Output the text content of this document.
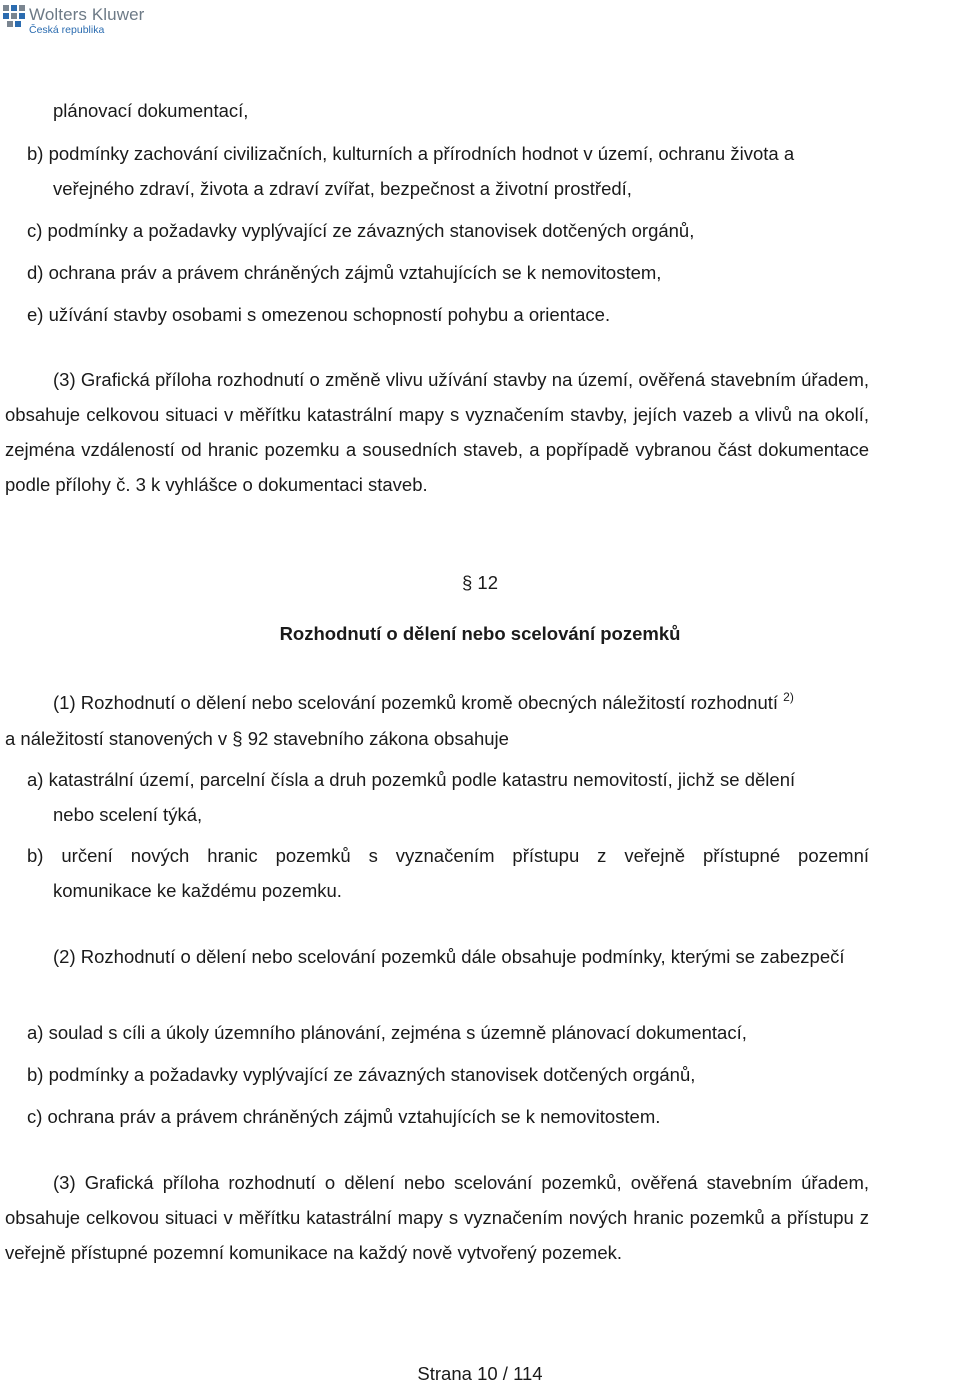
Wolters Kluwer
Česká republika
plánovací dokumentací,
b) podmínky zachování civilizačních, kulturních a přírodních hodnot v území, ochranu života a
veřejného zdraví, života a zdraví zvířat, bezpečnost a životní prostředí,
c) podmínky a požadavky vyplývající ze závazných stanovisek dotčených orgánů,
d) ochrana práv a právem chráněných zájmů vztahujících se k nemovitostem,
e) užívání stavby osobami s omezenou schopností pohybu a orientace.
(3) Grafická příloha rozhodnutí o změně vlivu užívání stavby na území, ověřená stavebním úřadem, obsahuje celkovou situaci v měřítku katastrální mapy s vyznačením stavby, jejích vazeb a vlivů na okolí, zejména vzdáleností od hranic pozemku a sousedních staveb, a popřípadě vybranou část dokumentace podle přílohy č. 3 k vyhlášce o dokumentaci staveb.
§ 12
Rozhodnutí o dělení nebo scelování pozemků
(1) Rozhodnutí o dělení nebo scelování pozemků kromě obecných náležitostí rozhodnutí $^{2)}$
a náležitostí stanovených v § 92 stavebního zákona obsahuje
a) katastrální území, parcelní čísla a druh pozemků podle katastru nemovitostí, jichž se dělení
nebo scelení týká,
b) určení nových hranic pozemků s vyznačením přístupu z veřejně přístupné pozemní
komunikace ke každému pozemku.
(2) Rozhodnutí o dělení nebo scelování pozemků dále obsahuje podmínky, kterými se zabezpečí
a) soulad s cíli a úkoly územního plánování, zejména s územně plánovací dokumentací,
b) podmínky a požadavky vyplývající ze závazných stanovisek dotčených orgánů,
c) ochrana práv a právem chráněných zájmů vztahujících se k nemovitostem.
(3) Grafická příloha rozhodnutí o dělení nebo scelování pozemků, ověřená stavebním úřadem, obsahuje celkovou situaci v měřítku katastrální mapy s vyznačením nových hranic pozemků a přístupu z veřejně přístupné pozemní komunikace na každý nově vytvořený pozemek.
Strana 10 / 114
